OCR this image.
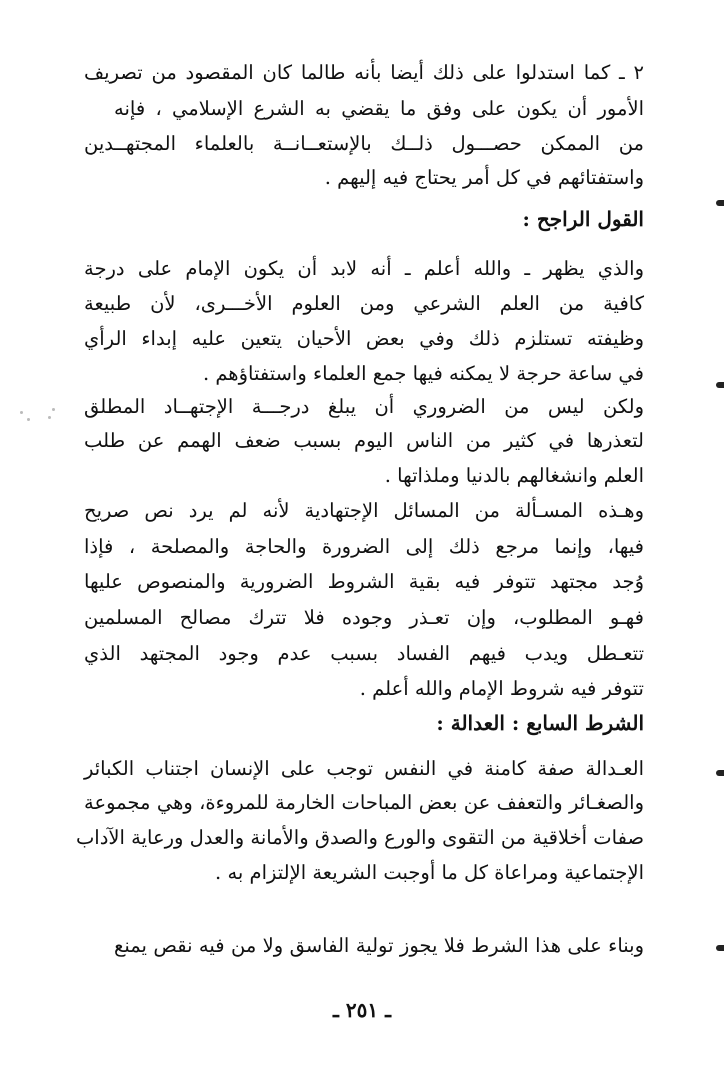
٢ ـ كما استدلوا على ذلك أيضا بأنه طالما كان المقصود من تصريف
الأمور أن يكون على وفق ما يقضي به الشرع الإسلامي ، فإنه
من الممكن حصـــول ذلــك بالإستعــانــة بالعلماء المجتهــدين
واستفتائهم في كل أمر يحتاج فيه إليهم .
القول الراجح :
والذي يظهر ـ والله أعلم ـ أنه لابد أن يكون الإمام على درجة
كافية من العلم الشرعي ومن العلوم الأخـــرى، لأن طبيعة
وظيفته تستلزم ذلك وفي بعض الأحيان يتعين عليه إبداء الرأي
في ساعة حرجة لا يمكنه فيها جمع العلماء واستفتاؤهم .
ولكن ليس من الضروري أن يبلغ درجـــة الإجتهــاد المطلق
لتعذرها في كثير من الناس اليوم بسبب ضعف الهمم عن طلب
العلم وانشغالهم بالدنيا وملذاتها .
وهـذه المسـألة من المسائل الإجتهادية لأنه لم يرد نص صريح
فيها، وإنما مرجع ذلك إلى الضرورة والحاجة والمصلحة ، فإذا
وُجد مجتهد تتوفر فيه بقية الشروط الضرورية والمنصوص عليها
فهـو المطلوب، وإن تعـذر وجوده فلا تترك مصالح المسلمين
تتعـطل ويدب فيهم الفساد بسبب عدم وجود المجتهد الذي
تتوفر فيه شروط الإمام والله أعلم .
الشرط السابع : العدالة :
العـدالة صفة كامنة في النفس توجب على الإنسان اجتناب الكبائر
والصغـائر والتعفف عن بعض المباحات الخارمة للمروءة، وهي مجموعة
صفات أخلاقية من التقوى والورع والصدق والأمانة والعدل ورعاية الآداب
الإجتماعية ومراعاة كل ما أوجبت الشريعة الإلتزام به .
وبناء على هذا الشرط فلا يجوز تولية الفاسق ولا من فيه نقص يمنع
ـ ٢٥١ ـ
